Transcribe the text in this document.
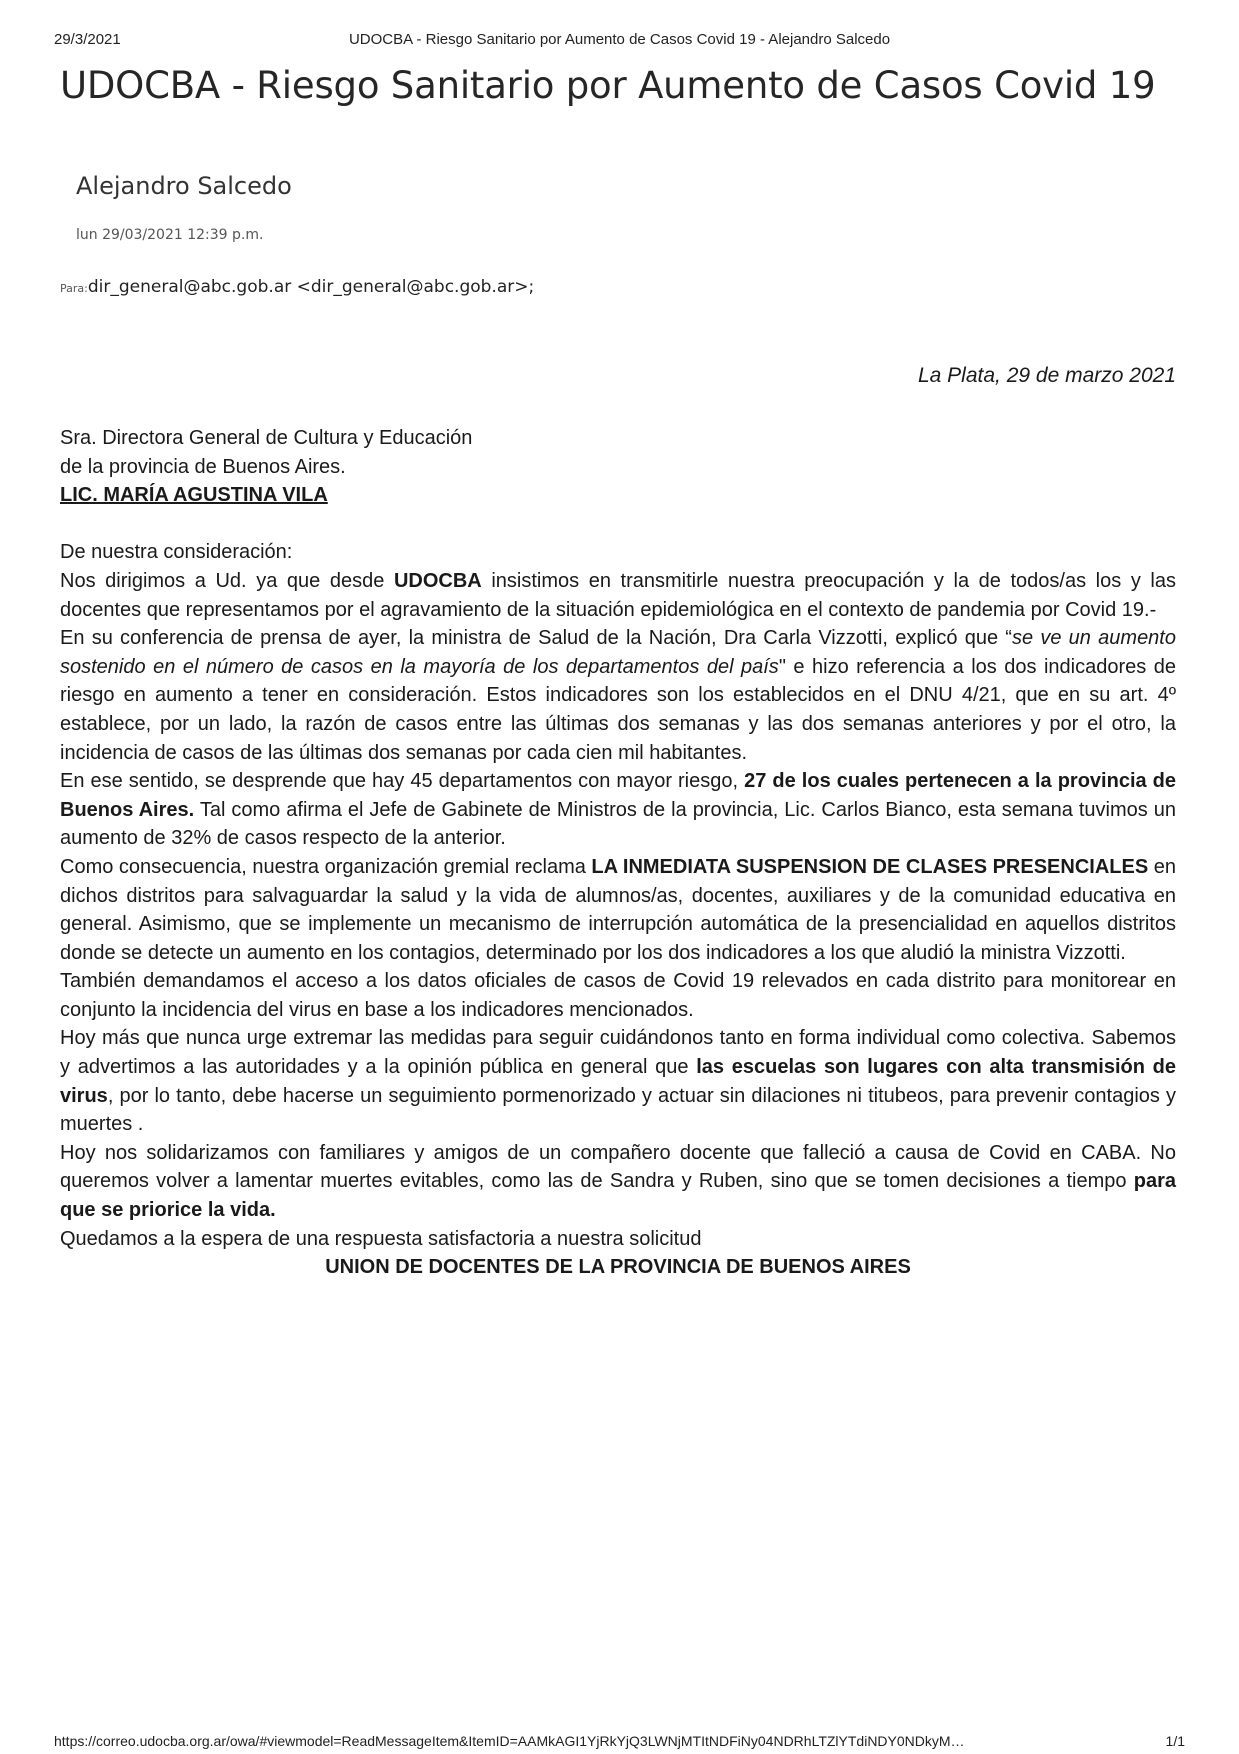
29/3/2021	UDOCBA - Riesgo Sanitario por Aumento de Casos Covid 19 - Alejandro Salcedo
UDOCBA - Riesgo Sanitario por Aumento de Casos Covid 19
Alejandro Salcedo
lun 29/03/2021 12:39 p.m.
Para:dir_general@abc.gob.ar <dir_general@abc.gob.ar>;
La Plata, 29 de marzo 2021

Sra. Directora General de Cultura y Educación

de la provincia de Buenos Aires.

LIC. MARÍA AGUSTINA VILA

De nuestra consideración:

Nos dirigimos a Ud. ya que desde UDOCBA insistimos en transmitirle nuestra preocupación y la de todos/as los y las docentes que representamos por el agravamiento de la situación epidemiológica en el contexto de pandemia por Covid 19.-

En su conferencia de prensa de ayer, la ministra de Salud de la Nación, Dra Carla Vizzotti, explicó que “se ve un aumento sostenido en el número de casos en la mayoría de los departamentos del país" e hizo referencia a los dos indicadores de riesgo en aumento a tener en consideración. Estos indicadores son los establecidos en el DNU 4/21, que en su art. 4º establece, por un lado, la razón de casos entre las últimas dos semanas y las dos semanas anteriores y por el otro, la incidencia de casos de las últimas dos semanas por cada cien mil habitantes.

En ese sentido, se desprende que hay 45 departamentos con mayor riesgo, 27 de los cuales pertenecen a la provincia de Buenos Aires. Tal como afirma el Jefe de Gabinete de Ministros de la provincia, Lic. Carlos Bianco, esta semana tuvimos un aumento de 32% de casos respecto de la anterior.

Como consecuencia, nuestra organización gremial reclama LA INMEDIATA SUSPENSION DE CLASES PRESENCIALES en dichos distritos para salvaguardar la salud y la vida de alumnos/as, docentes, auxiliares y de la comunidad educativa en general. Asimismo, que se implemente un mecanismo de interrupción automática de la presencialidad en aquellos distritos donde se detecte un aumento en los contagios, determinado por los dos indicadores a los que aludió la ministra Vizzotti.

También demandamos el acceso a los datos oficiales de casos de Covid 19 relevados en cada distrito para monitorear en conjunto la incidencia del virus en base a los indicadores mencionados.

Hoy más que nunca urge extremar las medidas para seguir cuidándonos tanto en forma individual como colectiva. Sabemos y advertimos a las autoridades y a la opinión pública en general que las escuelas son lugares con alta transmisión de virus, por lo tanto, debe hacerse un seguimiento pormenorizado y actuar sin dilaciones ni titubeos, para prevenir contagios y muertes .

Hoy nos solidarizamos con familiares y amigos de un compañero docente que falleció a causa de Covid en CABA. No queremos volver a lamentar muertes evitables, como las de Sandra y Ruben, sino que se tomen decisiones a tiempo para que se priorice la vida.

Quedamos a la espera de una respuesta satisfactoria a nuestra solicitud

UNION DE DOCENTES DE LA PROVINCIA DE BUENOS AIRES

https://correo.udocba.org.ar/owa/#viewmodel=ReadMessageItem&ItemID=AAMkAGI1YjRkYjQ3LWNjMTItNDFiNy04NDRhLTZlYTdiNDY0NDkyM…	1/1
